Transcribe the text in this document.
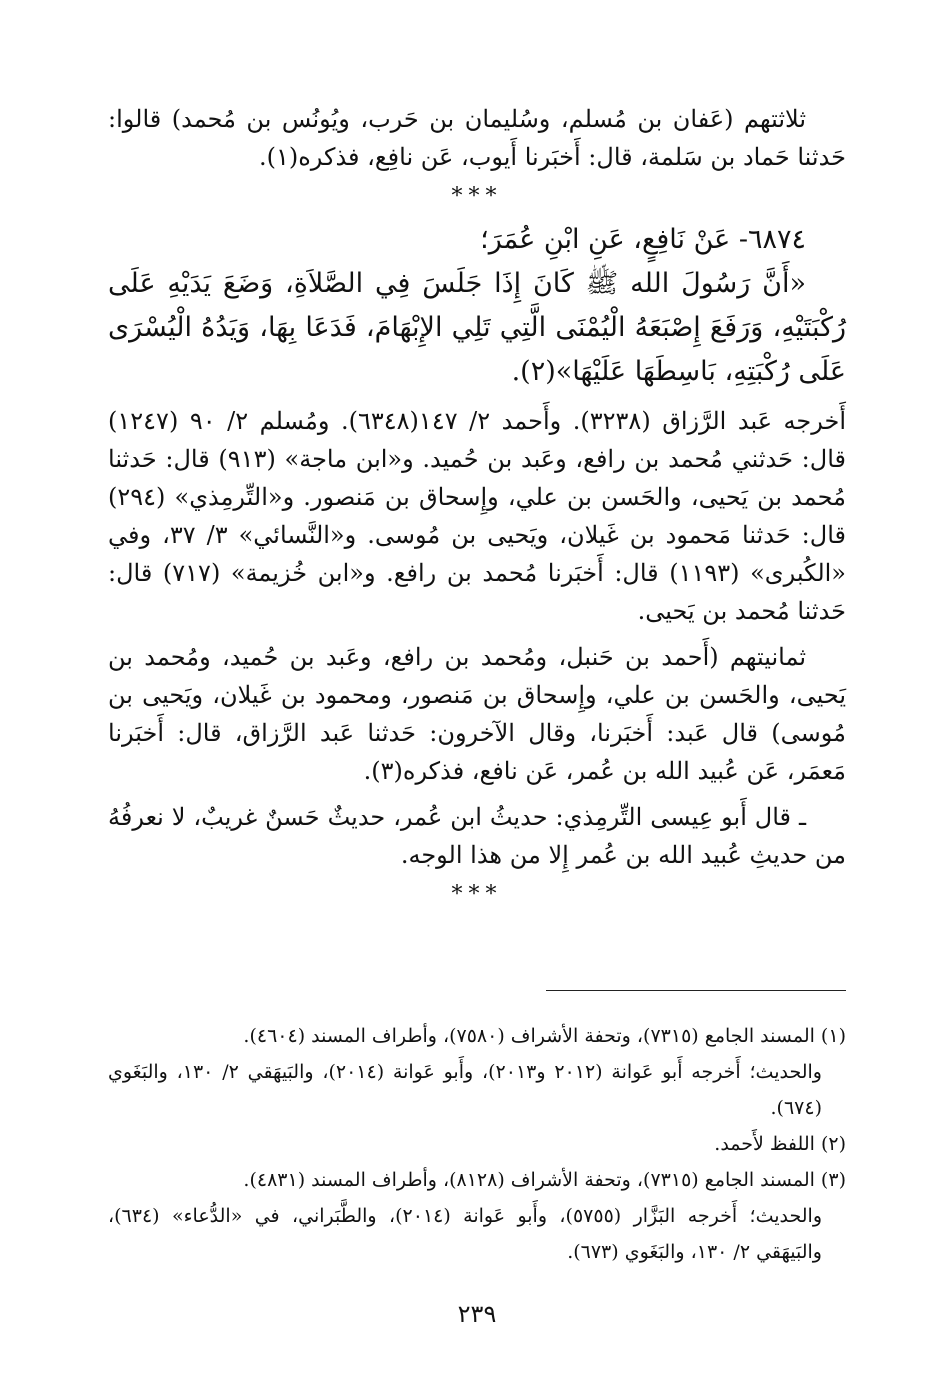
ثلاثتهم (عَفان بن مُسلم، وسُليمان بن حَرب، ويُونُس بن مُحمد) قالوا: حَدثنا حَماد بن سَلمة، قال: أَخبَرنا أَيوب، عَن نافِع، فذكره(١).

***

٦٨٧٤- عَنْ نَافِعٍ، عَنِ ابْنِ عُمَرَ؛

«أَنَّ رَسُولَ الله ﷺ كَانَ إِذَا جَلَسَ فِي الصَّلاَةِ، وَضَعَ يَدَيْهِ عَلَى رُكْبَتَيْهِ، وَرَفَعَ إِصْبَعَهُ الْيُمْنَى الَّتِي تَلِي الإِبْهَامَ، فَدَعَا بِهَا، وَيَدُهُ الْيُسْرَى عَلَى رُكْبَتِهِ، بَاسِطَهَا عَلَيْهَا»(٢).

أَخرجه عَبد الرَّزاق (٣٢٣٨). وأَحمد ٢/ ١٤٧(٦٣٤٨). ومُسلم ٢/ ٩٠ (١٢٤٧) قال: حَدثني مُحمد بن رافع، وعَبد بن حُميد. و«ابن ماجة» (٩١٣) قال: حَدثنا مُحمد بن يَحيى، والحَسن بن علي، وإِسحاق بن مَنصور. و«التِّرمِذي» (٢٩٤) قال: حَدثنا مَحمود بن غَيلان، ويَحيى بن مُوسى. و«النَّسائي» ٣/ ٣٧، وفي «الكُبرى» (١١٩٣) قال: أَخبَرنا مُحمد بن رافع. و«ابن خُزيمة» (٧١٧) قال: حَدثنا مُحمد بن يَحيى.

ثمانيتهم (أَحمد بن حَنبل، ومُحمد بن رافع، وعَبد بن حُميد، ومُحمد بن يَحيى، والحَسن بن علي، وإِسحاق بن مَنصور، ومحمود بن غَيلان، ويَحيى بن مُوسى) قال عَبد: أَخبَرنا، وقال الآخرون: حَدثنا عَبد الرَّزاق، قال: أَخبَرنا مَعمَر، عَن عُبيد الله بن عُمر، عَن نافع، فذكره(٣).

ـ قال أَبو عِيسى التِّرمِذي: حديثُ ابن عُمر، حديثٌ حَسنٌ غريبٌ، لا نعرفُهُ من حديثِ عُبيد الله بن عُمر إِلا من هذا الوجه.

***

(١) المسند الجامع (٧٣١٥)، وتحفة الأشراف (٧٥٨٠)، وأطراف المسند (٤٦٠٤).

والحديث؛ أَخرجه أَبو عَوانة (٢٠١٢ و٢٠١٣)، وأَبو عَوانة (٢٠١٤)، والبَيهَقي ٢/ ١٣٠، والبَغَوي (٦٧٤).

(٢) اللفظ لأَحمد.

(٣) المسند الجامع (٧٣١٥)، وتحفة الأشراف (٨١٢٨)، وأطراف المسند (٤٨٣١).

والحديث؛ أَخرجه البَزَّار (٥٧٥٥)، وأَبو عَوانة (٢٠١٤)، والطَّبَراني، في «الدُّعاء» (٦٣٤)، والبَيهَقي ٢/ ١٣٠، والبَغَوي (٦٧٣).

٢٣٩
